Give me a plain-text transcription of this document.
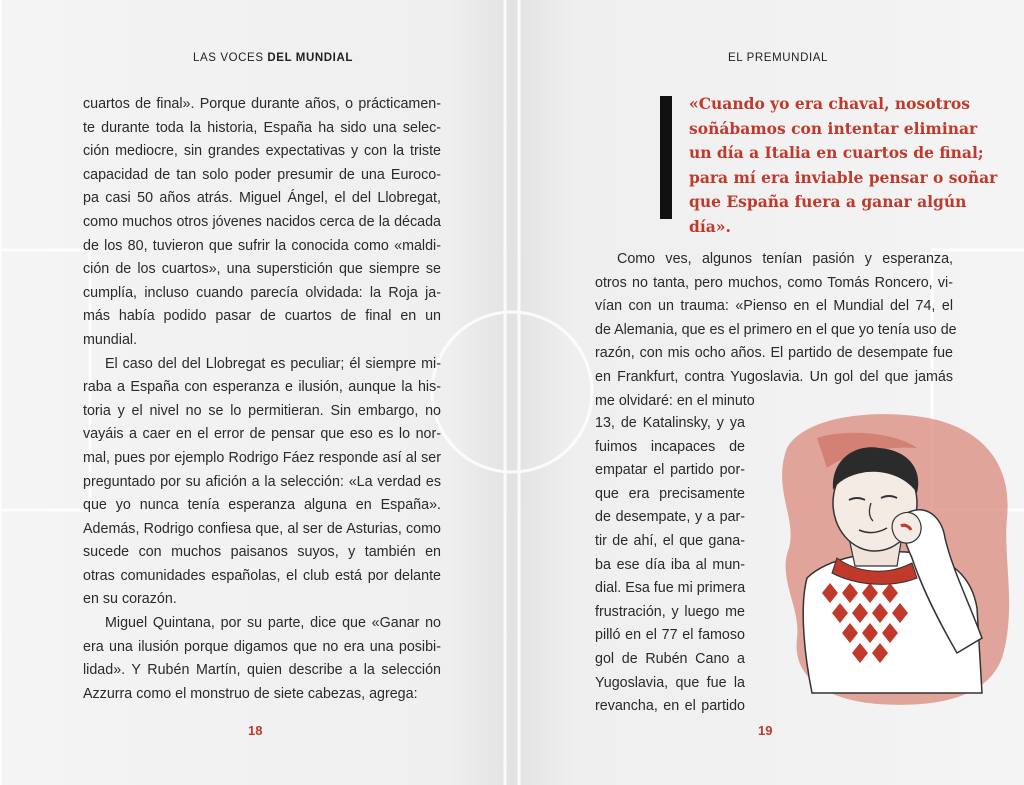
LAS VOCES DEL MUNDIAL
cuartos de final». Porque durante años, o prácticamen-
te durante toda la historia, España ha sido una selec-
ción mediocre, sin grandes expectativas y con la triste
capacidad de tan solo poder presumir de una Euroco-
pa casi 50 años atrás. Miguel Ángel, el del Llobregat,
como muchos otros jóvenes nacidos cerca de la década
de los 80, tuvieron que sufrir la conocida como «maldi-
ción de los cuartos», una superstición que siempre se
cumplía, incluso cuando parecía olvidada: la Roja ja-
más había podido pasar de cuartos de final en un
mundial.
El caso del del Llobregat es peculiar; él siempre mi-
raba a España con esperanza e ilusión, aunque la his-
toria y el nivel no se lo permitieran. Sin embargo, no
vayáis a caer en el error de pensar que eso es lo nor-
mal, pues por ejemplo Rodrigo Fáez responde así al ser
preguntado por su afición a la selección: «La verdad es
que yo nunca tenía esperanza alguna en España».
Además, Rodrigo confiesa que, al ser de Asturias, como
sucede con muchos paisanos suyos, y también en
otras comunidades españolas, el club está por delante
en su corazón.
Miguel Quintana, por su parte, dice que «Ganar no
era una ilusión porque digamos que no era una posibi-
lidad». Y Rubén Martín, quien describe a la selección
Azzurra como el monstruo de siete cabezas, agrega:
18
EL PREMUNDIAL
«Cuando yo era chaval, nosotros
soñábamos con intentar eliminar
un día a Italia en cuartos de final;
para mí era inviable pensar o soñar
que España fuera a ganar algún
día».
Como ves, algunos tenían pasión y esperanza,
otros no tanta, pero muchos, como Tomás Roncero, vi-
vían con un trauma: «Pienso en el Mundial del 74, el
de Alemania, que es el primero en el que yo tenía uso de
razón, con mis ocho años. El partido de desempate fue
en Frankfurt, contra Yugoslavia. Un gol del que jamás
me olvidaré: en el minuto
13, de Katalinsky, y ya
fuimos incapaces de
empatar el partido por-
que era precisamente
de desempate, y a par-
tir de ahí, el que gana-
ba ese día iba al mun-
dial. Esa fue mi primera
frustración, y luego me
pilló en el 77 el famoso
gol de Rubén Cano a
Yugoslavia, que fue la
revancha, en el partido
19
